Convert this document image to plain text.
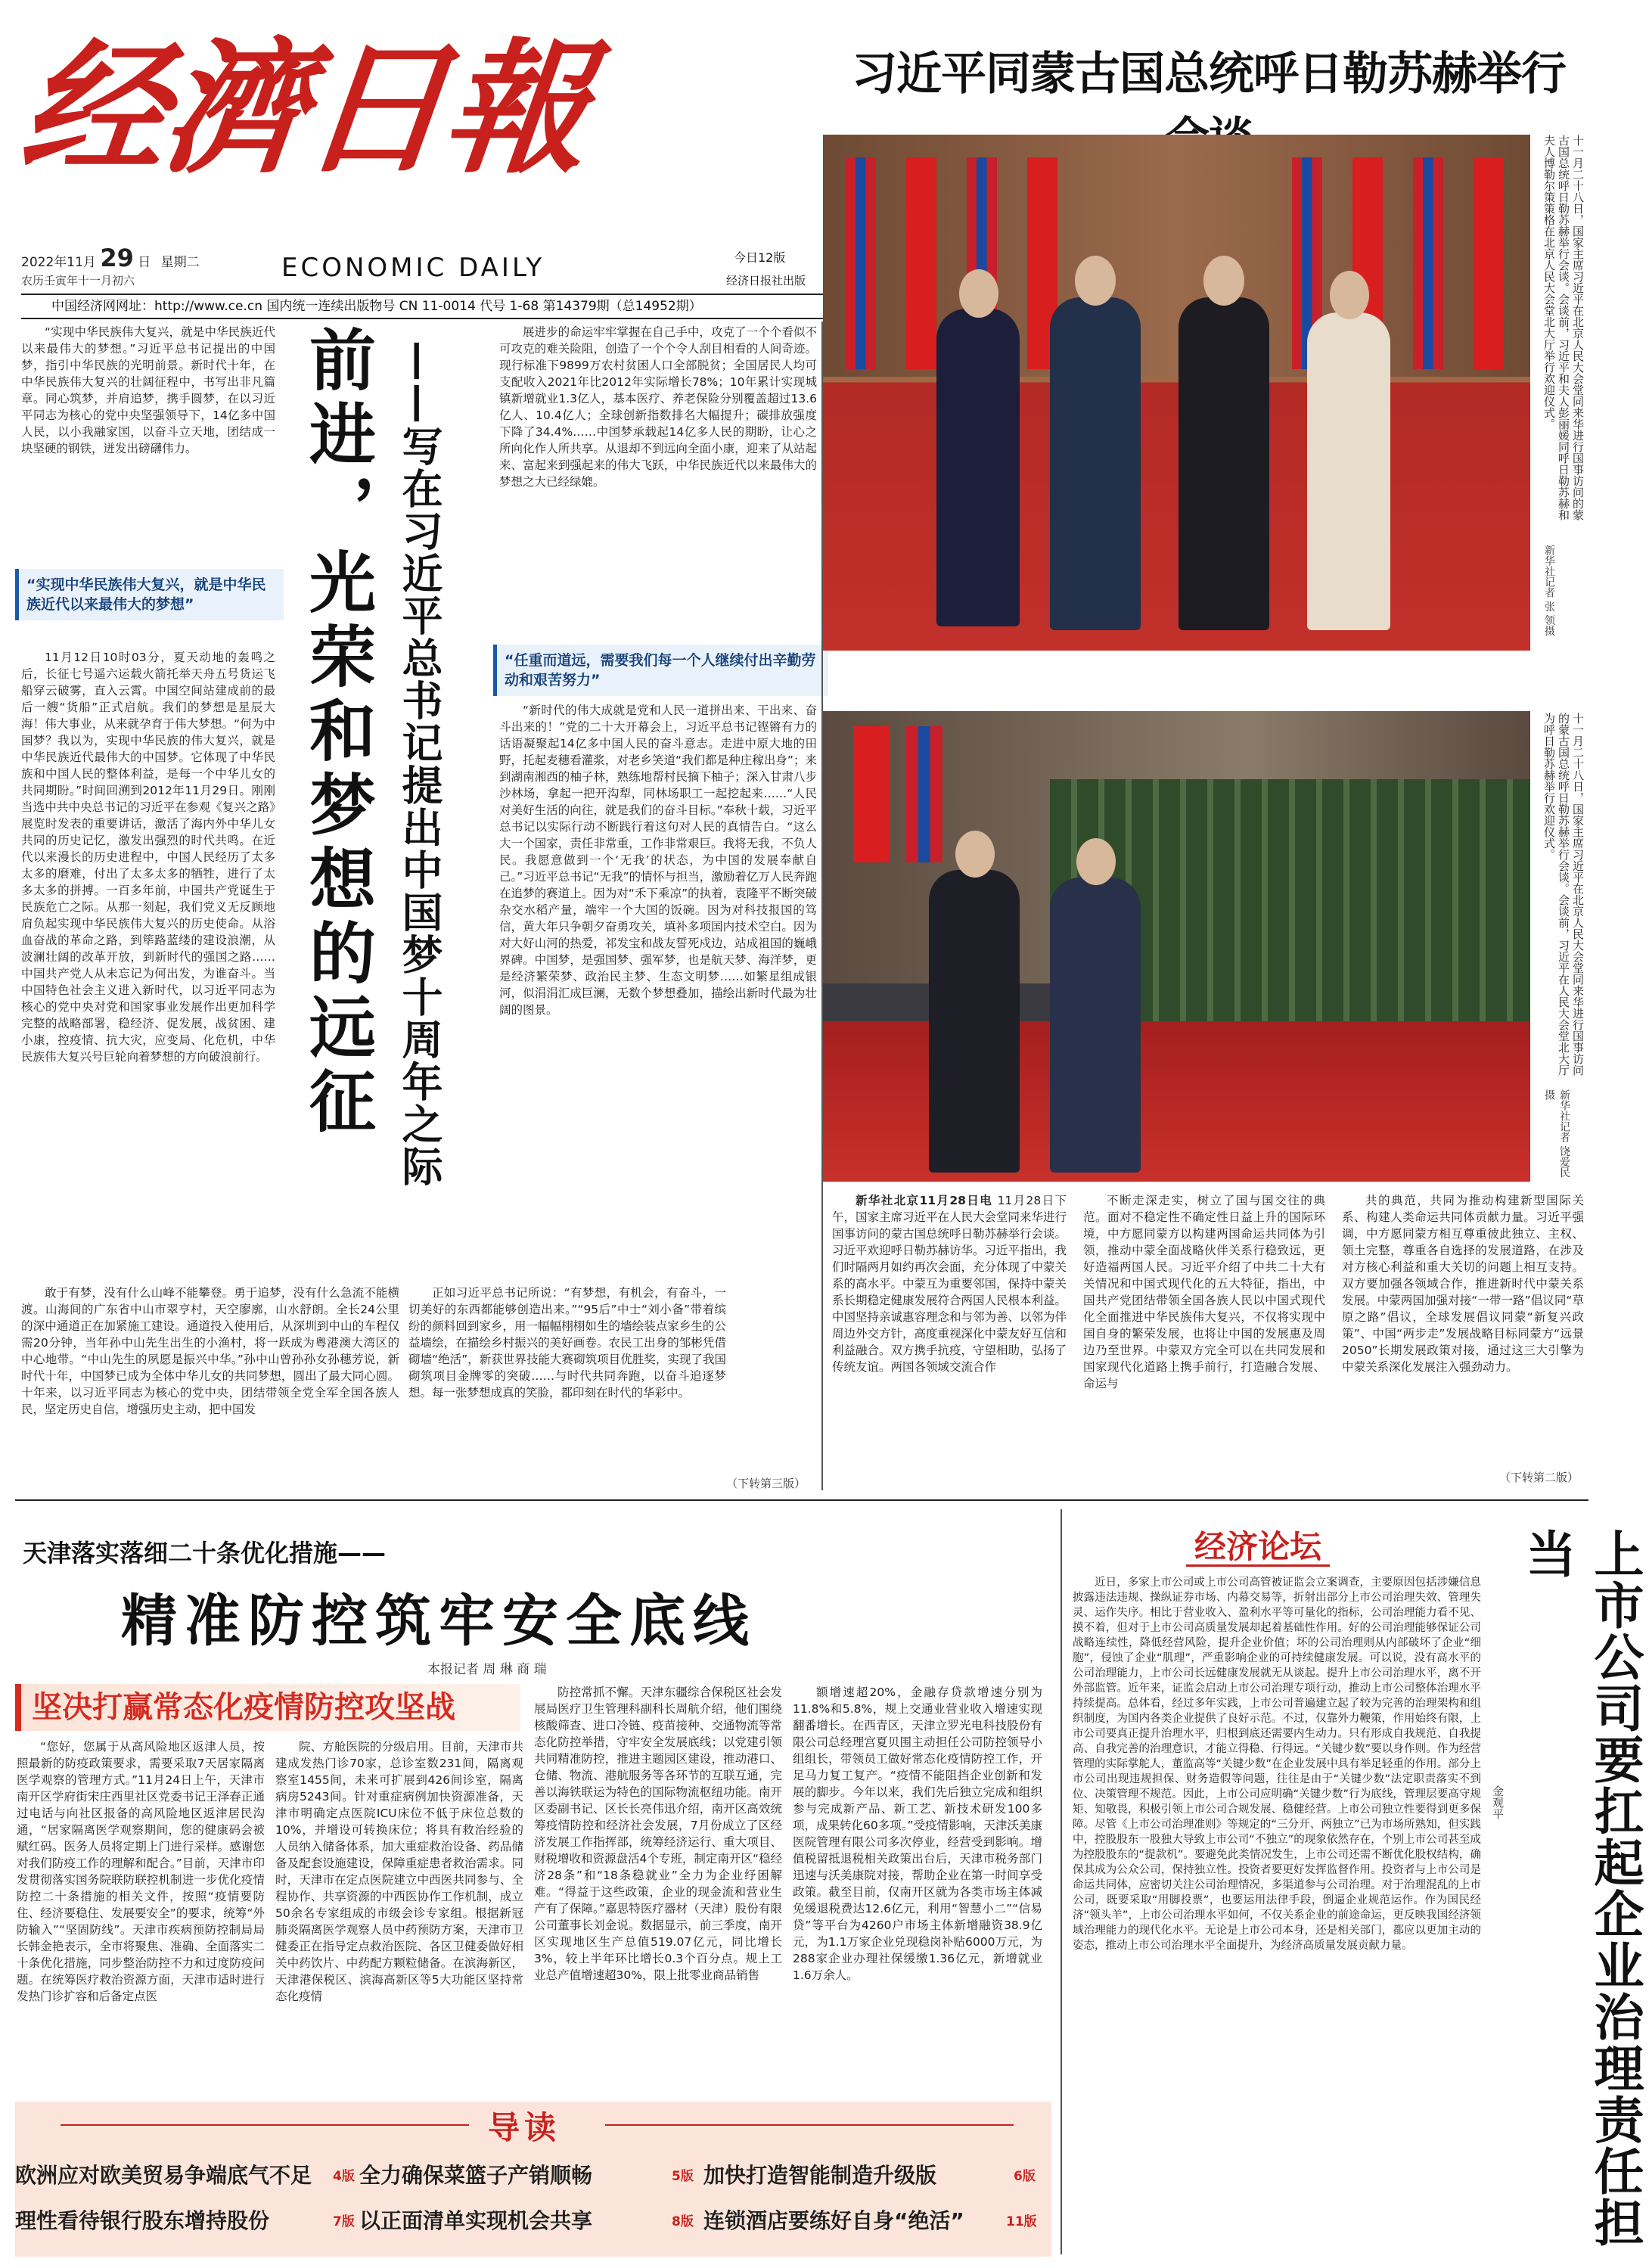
经濟日報
2022年11月 29 日 星期二
农历壬寅年十一月初六	ECONOMIC DAILY	今日12版
经济日报社出版
中国经济网网址：http://www.ce.cn 国内统一连续出版物号 CN 11-0014 代号 1-68 第14379期（总14952期）

“实现中华民族伟大复兴，就是中华民族近代以来最伟大的梦想。”习近平总书记提出的中国梦，指引中华民族的光明前景。新时代十年，在中华民族伟大复兴的壮阔征程中，书写出非凡篇章。同心筑梦，并肩追梦，携手圆梦，在以习近平同志为核心的党中央坚强领导下，14亿多中国人民，以小我融家国，以奋斗立天地，团结成一块坚硬的钢铁，迸发出磅礴伟力。

“实现中华民族伟大复兴，就是中华民族近代以来最伟大的梦想”

11月12日10时03分，夏天动地的轰鸣之后，长征七号遥六运载火箭托举天舟五号货运飞船穿云破雾，直入云霄。中国空间站建成前的最后一艘“货船”正式启航。我们的梦想是星辰大海！伟大事业，从来就孕育于伟大梦想。“何为中国梦？我以为，实现中华民族的伟大复兴，就是中华民族近代最伟大的中国梦。它体现了中华民族和中国人民的整体利益，是每一个中华儿女的共同期盼。”时间回溯到2012年11月29日。刚刚当选中共中央总书记的习近平在参观《复兴之路》展览时发表的重要讲话，激活了海内外中华儿女共同的历史记忆，激发出强烈的时代共鸣。在近代以来漫长的历史进程中，中国人民经历了太多太多的磨难，付出了太多太多的牺牲，进行了太多太多的拼搏。一百多年前，中国共产党诞生于民族危亡之际。从那一刻起，我们党义无反顾地肩负起实现中华民族伟大复兴的历史使命。从浴血奋战的革命之路，到筚路蓝缕的建设浪潮，从波澜壮阔的改革开放，到新时代的强国之路……中国共产党人从未忘记为何出发，为谁奋斗。当中国特色社会主义进入新时代，以习近平同志为核心的党中央对党和国家事业发展作出更加科学完整的战略部署，稳经济、促发展，战贫困、建小康，控疫情、抗大灾，应变局、化危机，中华民族伟大复兴号巨轮向着梦想的方向破浪前行。 前进，光荣和梦想的远征 ——写在习近平总书记提出中国梦十周年之际

展进步的命运牢牢掌握在自己手中，攻克了一个个看似不可攻克的难关险阻，创造了一个个令人刮目相看的人间奇迹。现行标准下9899万农村贫困人口全部脱贫；全国居民人均可支配收入2021年比2012年实际增长78%；10年累计实现城镇新增就业1.3亿人，基本医疗、养老保险分别覆盖超过13.6亿人、10.4亿人；全球创新指数排名大幅提升；碳排放强度下降了34.4%……中国梦承载起14亿多人民的期盼，让心之所向化作人所共享。从退却不到远向全面小康，迎来了从站起来、富起来到强起来的伟大飞跃，中华民族近代以来最伟大的梦想之大已经绿媲。

“任重而道远，需要我们每一个人继续付出辛勤劳动和艰苦努力”

“新时代的伟大成就是党和人民一道拼出来、干出来、奋斗出来的！”党的二十大开幕会上，习近平总书记铿锵有力的话语凝聚起14亿多中国人民的奋斗意志。走进中原大地的田野，托起麦穗看灌浆，对老乡笑道“我们都是种庄稼出身”；来到湖南湘西的柚子林，熟练地帮村民摘下柚子；深入甘肃八步沙林场，拿起一把开沟犁，同林场职工一起挖起来……“人民对美好生活的向往，就是我们的奋斗目标。”奉秋十载，习近平总书记以实际行动不断践行着这句对人民的真情告白。“这么大一个国家，责任非常重，工作非常艰巨。我将无我，不负人民。我愿意做到一个‘无我’的状态，为中国的发展奉献自己。”习近平总书记“无我”的情怀与担当，激励着亿万人民奔跑在追梦的赛道上。因为对“禾下乘凉”的执着，袁隆平不断突破杂交水稻产量，端牢一个大国的饭碗。因为对科技报国的笃信，黄大年只争朝夕奋勇攻关，填补多项国内技术空白。因为对大好山河的热爱，祁发宝和战友誓死戍边，站成祖国的巍峨界碑。中国梦，是强国梦、强军梦，也是航天梦、海洋梦，更是经济繁荣梦、政治民主梦、生态文明梦……如繁星组成银河，似涓涓汇成巨澜，无数个梦想叠加，描绘出新时代最为壮阔的图景。

敢于有梦，没有什么山峰不能攀登。勇于追梦，没有什么急流不能横渡。山海间的广东省中山市翠亨村，天空廖廓，山水舒朗。全长24公里的深中通道正在加紧施工建设。通道投入使用后，从深圳到中山的车程仅需20分钟，当年孙中山先生出生的小渔村，将一跃成为粤港澳大湾区的中心地带。“中山先生的夙愿是振兴中华。”孙中山曾孙孙女孙穗芳说，新时代十年，中国梦已成为全体中华儿女的共同梦想，圆出了最大同心圆。十年来，以习近平同志为核心的党中央，团结带领全党全军全国各族人民，坚定历史自信，增强历史主动，把中国发

正如习近平总书记所说：“有梦想，有机会，有奋斗，一切美好的东西都能够创造出来。”“95后”中士“刘小备”带着缤纷的颜料回到家乡，用一幅幅栩栩如生的墙绘装点家乡生的公益墙绘，在描绘乡村振兴的美好画卷。农民工出身的邹彬凭借砌墙“绝活”，新获世界技能大赛砌筑项目优胜奖，实现了我国砌筑项目金牌零的突破……与时代共同奔跑，以奋斗追逐梦想。每一张梦想成真的笑脸，都印刻在时代的华彩中。

（下转第三版）
习近平同蒙古国总统呼日勒苏赫举行
十一月二十八日，国家主席习近平在北京人民大会堂同来华进行国事访问的蒙古国总统呼日勒苏赫举行会谈。会谈前，习近平和夫人彭丽媛同呼日勒苏赫和夫人博勒尔策策格在北京人民大会堂北大厅举行欢迎仪式。
新华社记者 张 领摄
十一月二十八日，国家主席习近平在北京人民大会堂同来华进行国事访问的蒙古国总统呼日勒苏赫举行会谈。会谈前，习近平在人民大会堂北大厅为呼日勒苏赫举行欢迎仪式。
新华社记者 饶爱民摄

新华社北京11月28日电 11月28日下午，国家主席习近平在人民大会堂同来华进行国事访问的蒙古国总统呼日勒苏赫举行会谈。习近平欢迎呼日勒苏赫访华。习近平指出，我们时隔两月如约再次会面，充分体现了中蒙关系的高水平。中蒙互为重要邻国，保持中蒙关系长期稳定健康发展符合两国人民根本利益。中国坚持亲诚惠容理念和与邻为善、以邻为伴周边外交方针，高度重视深化中蒙友好互信和利益融合。双方携手抗疫，守望相助，弘扬了传统友谊。两国各领域交流合作

不断走深走实，树立了国与国交往的典范。面对不稳定性不确定性日益上升的国际环境，中方愿同蒙方以构建两国命运共同体为引领，推动中蒙全面战略伙伴关系行稳致远，更好造福两国人民。习近平介绍了中共二十大有关情况和中国式现代化的五大特征，指出，中国共产党团结带领全国各族人民以中国式现代化全面推进中华民族伟大复兴，不仅将实现中国自身的繁荣发展，也将让中国的发展惠及周边乃至世界。中蒙双方完全可以在共同发展和国家现代化道路上携手前行，打造融合发展、命运与

共的典范，共同为推动构建新型国际关系、构建人类命运共同体贡献力量。习近平强调，中方愿同蒙方相互尊重彼此独立、主权、领土完整，尊重各自选择的发展道路，在涉及对方核心利益和重大关切的问题上相互支持。双方要加强各领域合作，推进新时代中蒙关系发展。中蒙两国加强对接“一带一路”倡议同“草原之路”倡议，全球发展倡议同蒙“新复兴政策”、中国“两步走”发展战略目标同蒙方“远景2050”长期发展政策对接，通过这三大引擎为中蒙关系深化发展注入强劲动力。

（下转第二版）
天津落实落细二十条优化措施——
精准防控筑牢安全底线
本报记者 周 琳 商 瑞
坚决打赢常态化疫情防控攻坚战

“您好，您属于从高风险地区返津人员，按照最新的防疫政策要求，需要采取7天居家隔离医学观察的管理方式。”11月24日上午，天津市南开区学府街宋庄西里社区党委书记王泽春正通过电话与向社区报备的高风险地区返津居民沟通，“居家隔离医学观察期间，您的健康码会被赋红码。医务人员将定期上门进行采样。感谢您对我们防疫工作的理解和配合。”目前，天津市印发贯彻落实国务院联防联控机制进一步优化疫情防控二十条措施的相关文件，按照“疫情要防住、经济要稳住、发展要安全”的要求，统筹“外防输入”“坚固防线”。天津市疾病预防控制局局长韩金艳表示，全市将聚焦、准确、全面落实二十条优化措施，同步整治防控不力和过度防疫问题。在统筹医疗救治资源方面，天津市适时进行发热门诊扩容和后备定点医

院、方舱医院的分级启用。目前，天津市共建成发热门诊70家，总诊室数231间，隔离观察室1455间，未来可扩展到426间诊室，隔离病房5243间。针对重症病例加快资源准备，天津市明确定点医院ICU床位不低于床位总数的10%，并增设可转换床位；将具有救治经验的人员纳入储备体系，加大重症救治设备、药品储备及配套设施建设，保障重症患者救治需求。同时，天津市在定点医院建立中西医共同参与、全程协作、共享资源的中西医协作工作机制，成立50余名专家组成的市级会诊专家组。根据新冠肺炎隔离医学观察人员中药预防方案，天津市卫健委正在指导定点救治医院、各区卫健委做好相关中药饮片、中药配方颗粒储备。在滨海新区，天津港保税区、滨海高新区等5大功能区坚持常态化疫情

防控常抓不懈。天津东疆综合保税区社会发展局医疗卫生管理科副科长周航介绍，他们围绕核酸筛查、进口冷链、疫苗接种、交通物流等常态化防控举措，守牢安全发展底线；以党建引领共同精准防控，推进主题园区建设，推动港口、仓储、物流、港航服务等各环节的互联互通，完善以海铁联运为特色的国际物流枢纽功能。南开区委副书记、区长长亮伟迅介绍，南开区高效统筹疫情防控和经济社会发展，7月份成立了区经济发展工作指挥部，统筹经济运行、重大项目、财税增收和资源盘活4个专班，制定南开区“稳经济28条”和“18条稳就业”全力为企业纾困解难。“得益于这些政策，企业的现金流和营业生产有了保障。”嘉思特医疗器材（天津）股份有限公司董事长刘金说。数据显示，前三季度，南开区实现地区生产总值519.07亿元，同比增长3%，较上半年环比增长0.3个百分点。规上工业总产值增速超30%，限上批零业商品销售

额增速超20%，金融存贷款增速分别为11.8%和5.8%，规上交通业营业收入增速实现翻番增长。在西青区，天津立罗光电科技股份有限公司总经理宫夏贝围主动担任公司防控领导小组组长，带领员工做好常态化疫情防控工作，开足马力复工复产。“疫情不能阻挡企业创新和发展的脚步。今年以来，我们先后独立完成和组织参与完成新产品、新工艺、新技术研发100多项，成果转化60多项。”受疫情影响，天津沃美康医院管理有限公司多次停业，经营受到影响。增值税留抵退税相关政策出台后，天津市税务部门迅速与沃美康院对接，帮助企业在第一时间享受政策。截至目前，仅南开区就为各类市场主体减免缓退税费达12.6亿元，利用“智慧小二”“信易贷”等平台为4260户市场主体新增融资38.9亿元，为1.1万家企业兑现稳岗补贴6000万元，为288家企业办理社保缓缴1.36亿元，新增就业1.6万余人。

经济论坛

近日，多家上市公司或上市公司高管被证监会立案调查，主要原因包括涉嫌信息披露违法违规、操纵证券市场、内幕交易等，折射出部分上市公司治理失效、管理失灵、运作失序。相比于营业收入、盈利水平等可量化的指标，公司治理能力看不见、摸不着，但对于上市公司高质量发展却起着基础性作用。好的公司治理能够保证公司战略连续性，降低经营风险，提升企业价值；坏的公司治理则从内部破坏了企业“细胞”，侵蚀了企业“肌理”，严重影响企业的可持续健康发展。可以说，没有高水平的公司治理能力，上市公司长远健康发展就无从谈起。提升上市公司治理水平，离不开外部监管。近年来，证监会启动上市公司治理专项行动，推动上市公司整体治理水平持续提高。总体看，经过多年实践，上市公司普遍建立起了较为完善的治理架构和组织制度，为国内各类企业提供了良好示范。不过，仅靠外力鞭策，作用始终有限，上市公司要真正提升治理水平，归根到底还需要内生动力。只有形成自我规范、自我提高、自我完善的治理意识，才能立得稳、行得远。“关键少数”要以身作则。作为经营管理的实际掌舵人，董监高等“关键少数”在企业发展中具有举足轻重的作用。部分上市公司出现违规担保、财务造假等问题，往往是由于“关键少数”法定职责落实不到位、决策管理不规范。因此，上市公司应明确“关键少数”行为底线，管理层要高守规矩、知敬畏，积极引领上市公司合规发展、稳健经营。上市公司独立性要得到更多保障。尽管《上市公司治理准则》等规定的“三分开、两独立”已为市场所熟知，但实践中，控股股东一股独大导致上市公司“不独立”的现象依然存在，个别上市公司甚至成为控股股东的“提款机”。要避免此类情况发生，上市公司还需不断优化股权结构，确保其成为公众公司，保持独立性。投资者要更好发挥监督作用。投资者与上市公司是命运共同体，应密切关注公司治理情况，多渠道参与公司治理。对于治理混乱的上市公司，既要采取“用脚投票”，也要运用法律手段，倒逼企业规范运作。作为国民经济“领头羊”，上市公司治理水平如何，不仅关系企业的前途命运，更反映我国经济领域治理能力的现代化水平。无论是上市公司本身，还是相关部门，都应以更加主动的姿态，推动上市公司治理水平全面提升，为经济高质量发展贡献力量。

金观平	上市公司要扛起企业治理责任担当
导读
欧洲应对欧美贸易争端底气不足 4版 全力确保菜篮子产销顺畅	5版 加快打造智能制造升级版	6版
理性看待银行股东增持股份	7版 以正面清单实现机会共享	8版 连锁酒店要练好自身“绝活”	11版
